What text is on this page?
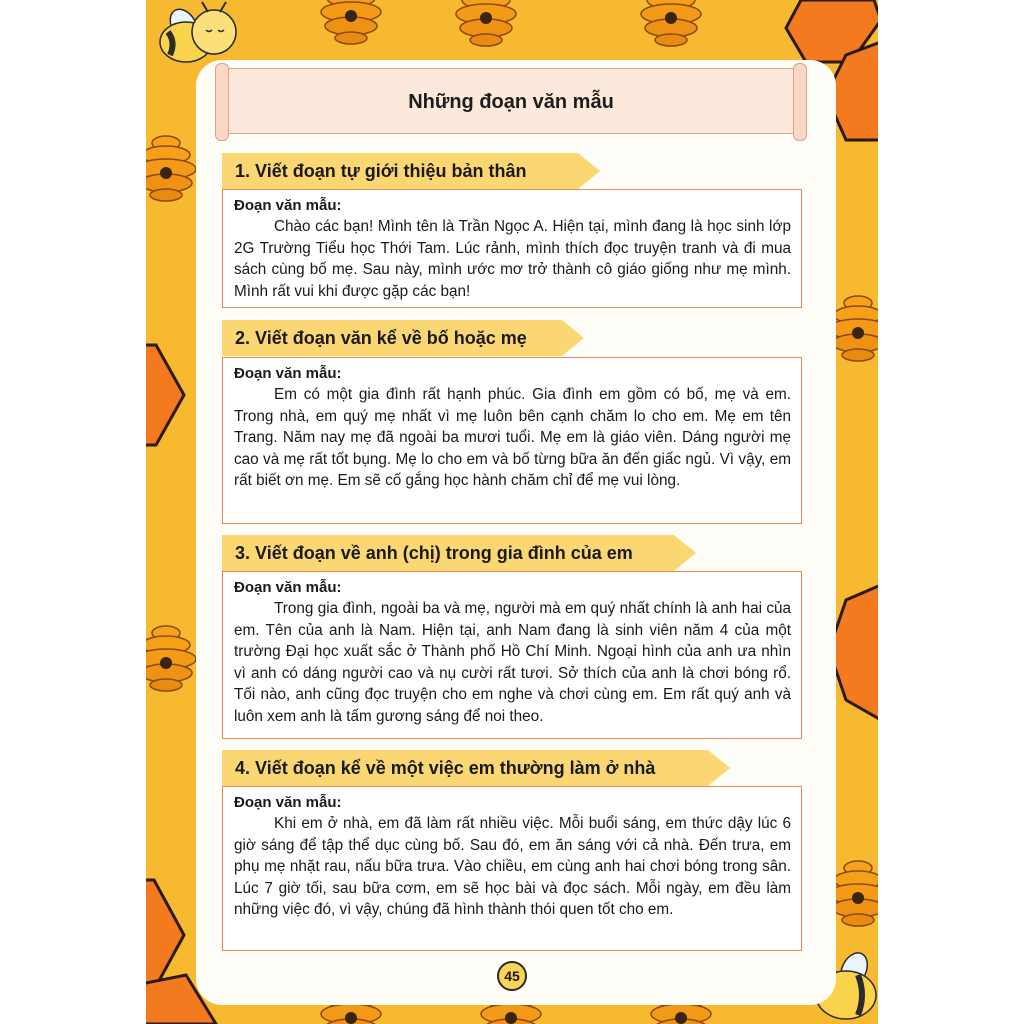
Những đoạn văn mẫu
1. Viết đoạn tự giới thiệu bản thân
Đoạn văn mẫu:
Chào các bạn! Mình tên là Trần Ngọc A. Hiện tại, mình đang là học sinh lớp 2G Trường Tiểu học Thới Tam. Lúc rảnh, mình thích đọc truyện tranh và đi mua sách cùng bố mẹ. Sau này, mình ước mơ trở thành cô giáo giống như mẹ mình. Mình rất vui khi được gặp các bạn!
2. Viết đoạn văn kể về bố hoặc mẹ
Đoạn văn mẫu:
Em có một gia đình rất hạnh phúc. Gia đình em gồm có bố, mẹ và em. Trong nhà, em quý mẹ nhất vì mẹ luôn bên cạnh chăm lo cho em. Mẹ em tên Trang. Năm nay mẹ đã ngoài ba mươi tuổi. Mẹ em là giáo viên. Dáng người mẹ cao và mẹ rất tốt bụng. Mẹ lo cho em và bố từng bữa ăn đến giấc ngủ. Vì vậy, em rất biết ơn mẹ. Em sẽ cố gắng học hành chăm chỉ để mẹ vui lòng.
3. Viết đoạn về anh (chị) trong gia đình của em
Đoạn văn mẫu:
Trong gia đình, ngoài ba và mẹ, người mà em quý nhất chính là anh hai của em. Tên của anh là Nam. Hiện tại, anh Nam đang là sinh viên năm 4 của một trường Đại học xuất sắc ở Thành phố Hồ Chí Minh. Ngoại hình của anh ưa nhìn vì anh có dáng người cao và nụ cười rất tươi. Sở thích của anh là chơi bóng rổ. Tối nào, anh cũng đọc truyện cho em nghe và chơi cùng em. Em rất quý anh và luôn xem anh là tấm gương sáng để noi theo.
4. Viết đoạn kể về một việc em thường làm ở nhà
Đoạn văn mẫu:
Khi em ở nhà, em đã làm rất nhiều việc. Mỗi buổi sáng, em thức dậy lúc 6 giờ sáng để tập thể dục cùng bố. Sau đó, em ăn sáng với cả nhà. Đến trưa, em phụ mẹ nhặt rau, nấu bữa trưa. Vào chiều, em cùng anh hai chơi bóng trong sân. Lúc 7 giờ tối, sau bữa cơm, em sẽ học bài và đọc sách. Mỗi ngày, em đều làm những việc đó, vì vậy, chúng đã hình thành thói quen tốt cho em.
45
